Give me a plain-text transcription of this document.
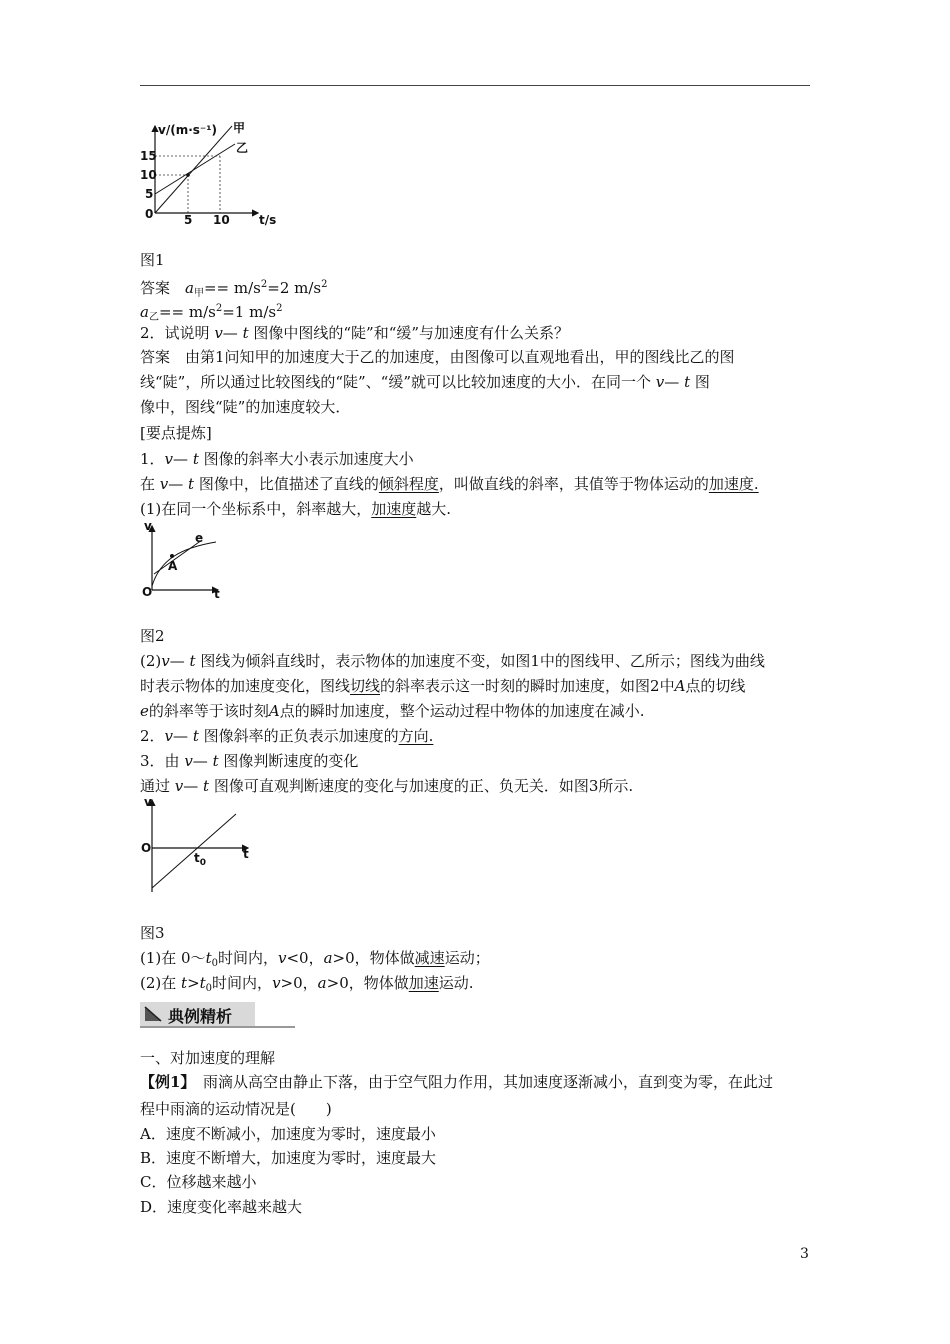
v/(m·s⁻¹) 甲
乙
15
10
5
0	5 10 t/s
图1
答案　 $a_甲== m/s^2=2$ $m/s^2$
$a_乙== m/s^2=1$ $m/s^2$
2．试说明 v— t 图像中图线的“陡”和“缓”与加速度有什么关系？
答案　由第1问知甲的加速度大于乙的加速度，由图像可以直观地看出，甲的图线比乙的图
线“陡”，所以通过比较图线的“陡”、“缓”就可以比较加速度的大小．在同一个 v— t 图
像中，图线“陡”的加速度较大．
[要点提炼]
1．v— t 图像的斜率大小表示加速度大小
在 v— t 图像中，比值描述了直线的倾斜程度，叫做直线的斜率，其值等于物体运动的加速度.
(1)在同一个坐标系中，斜率越大，加速度越大.
v
e
A
O	t
图2
(2)v— t 图线为倾斜直线时，表示物体的加速度不变，如图1中的图线甲、乙所示；图线为曲线
时表示物体的加速度变化，图线切线的斜率表示这一时刻的瞬时加速度，如图2中A点的切线
e的斜率等于该时刻A点的瞬时加速度，整个运动过程中物体的加速度在减小.
2．v— t 图像斜率的正负表示加速度的方向.
3．由 v— t 图像判断速度的变化
通过 v— t 图像可直观判断速度的变化与加速度的正、负无关．如图3所示.
v
O
$t_0$
t
图3
(1)在 $0\sim t_0$时间内，v<0，a>0，物体做减速运动；
(2)在 $t>t_0$时间内，v>0，a>0，物体做加速运动.
典例精析
一、对加速度的理解
【例1】　雨滴从高空由静止下落，由于空气阻力作用，其加速度逐渐减小，直到变为零，在此过
程中雨滴的运动情况是(　　)
A．速度不断减小，加速度为零时，速度最小
B．速度不断增大，加速度为零时，速度最大
C．位移越来越小
D．速度变化率越来越大
3
